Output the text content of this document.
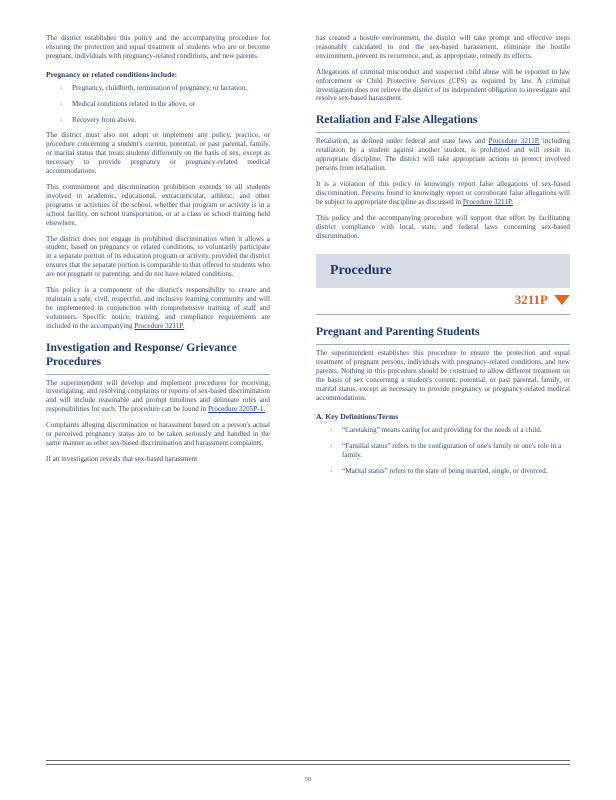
The district establishes this policy and the accompanying procedure for ensuring the protection and equal treatment of students who are or become pregnant, individuals with pregnancy-related conditions, and new parents.

Pregnancy or related conditions include:
› Pregnancy, childbirth, termination of pregnancy, or lactation,
› Medical conditions related to the above, or
› Recovery from above.

The district must also not adopt or implement any policy, practice, or procedure concerning a student's current, potential, or past parental, family, or marital status that treats students differently on the basis of sex, except as necessary to provide pregnancy or pregnancy-related medical accommodations.

This commitment and discrimination prohibition extends to all students involved in academic, educational, extracurricular, athletic, and other programs or activities of the school, whether that program or activity is in a school facility, on school transportation, or at a class or school training held elsewhere.

The district does not engage in prohibited discrimination when it allows a student, based on pregnancy or related conditions, to voluntarily participate in a separate portion of its education program or activity, provided the district ensures that the separate portion is comparable to that offered to students who are not pregnant or parenting, and do not have related conditions.

This policy is a component of the district's responsibility to create and maintain a safe, civil, respectful, and inclusive learning community and will be implemented in conjunction with comprehensive training of staff and volunteers. Specific notice, training, and compliance requirements are included in the accompanying Procedure 3211P.

Investigation and Response/ Grievance Procedures

The superintendent will develop and implement procedures for receiving, investigating, and resolving complaints or reports of sex-based discrimination and will include reasonable and prompt timelines and delineate roles and responsibilities for such. The procedure can be found in Procedure 3205P-1.

Complaints alleging discrimination or harassment based on a person's actual or perceived pregnancy status are to be taken seriously and handled in the same manner as other sex-based discrimination and harassment complaints.

If an investigation reveals that sex-based harassment

has created a hostile environment, the district will take prompt and effective steps reasonably calculated to end the sex-based harassment, eliminate the hostile environment, prevent its recurrence, and, as appropriate, remedy its effects.

Allegations of criminal misconduct and suspected child abuse will be reported to law enforcement or Child Protective Services (CPS) as required by law. A criminal investigation does not relieve the district of its independent obligation to investigate and resolve sex-based harassment.

Retaliation and False Allegations

Retaliation, as defined under federal and state laws and Procedure 3211P, including retaliation by a student against another student, is prohibited and will result in appropriate discipline. The district will take appropriate actions to protect involved persons from retaliation.

It is a violation of this policy to knowingly report false allegations of sex-based discrimination. Persons found to knowingly report or corroborate false allegations will be subject to appropriate discipline as discussed in Procedure 3211P.

This policy and the accompanying procedure will support that effort by facilitating district compliance with local, state, and federal laws concerning sex-based discrimination.

Procedure
3211P
Pregnant and Parenting Students

The superintendent establishes this procedure to ensure the protection and equal treatment of pregnant persons, individuals with pregnancy-related conditions, and new parents. Nothing in this procedure should be construed to allow different treatment on the basis of sex concerning a student's current, potential, or past parental, family, or marital status, except as necessary to provide pregnancy or pregnancy-related medical accommodations.

A. Key Definitions/Terms
› “Caretaking” means caring for and providing for the needs of a child.
› “Familial status” refers to the configuration of one's family or one's role in a family.
› “Marital status” refers to the state of being married, single, or divorced.
58
